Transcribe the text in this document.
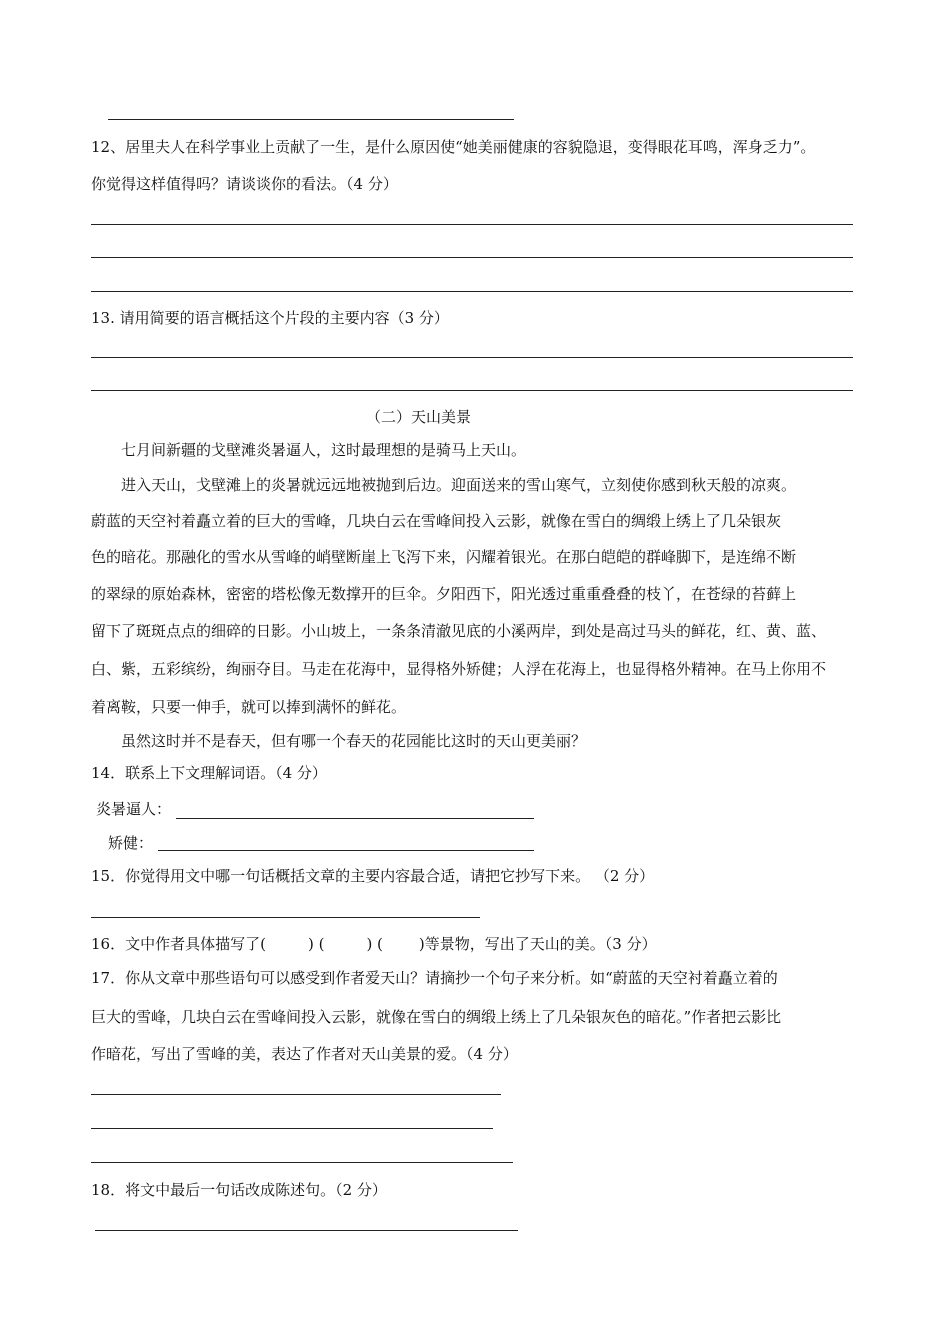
12、居里夫人在科学事业上贡献了一生，是什么原因使“她美丽健康的容貌隐退，变得眼花耳鸣，浑身乏力”。
你觉得这样值得吗？请谈谈你的看法。（4 分）
13. 请用简要的语言概括这个片段的主要内容（3 分）
（二）天山美景
七月间新疆的戈壁滩炎暑逼人，这时最理想的是骑马上天山。
进入天山，戈壁滩上的炎暑就远远地被抛到后边。迎面送来的雪山寒气，立刻使你感到秋天般的凉爽。
蔚蓝的天空衬着矗立着的巨大的雪峰，几块白云在雪峰间投入云影，就像在雪白的绸缎上绣上了几朵银灰
色的暗花。那融化的雪水从雪峰的峭壁断崖上飞泻下来，闪耀着银光。在那白皑皑的群峰脚下，是连绵不断
的翠绿的原始森林，密密的塔松像无数撑开的巨伞。夕阳西下，阳光透过重重叠叠的枝丫，在苍绿的苔藓上
留下了斑斑点点的细碎的日影。小山坡上，一条条清澈见底的小溪两岸，到处是高过马头的鲜花，红、黄、蓝、
白、紫，五彩缤纷，绚丽夺目。马走在花海中，显得格外矫健；人浮在花海上，也显得格外精神。在马上你用不
着离鞍，只要一伸手，就可以捧到满怀的鲜花。
虽然这时并不是春天，但有哪一个春天的花园能比这时的天山更美丽？
14．联系上下文理解词语。（4 分）
炎暑逼人：
矫健：
15．你觉得用文中哪一句话概括文章的主要内容最合适，请把它抄写下来。 （2 分）
16．文中作者具体描写了(	) (	) ( )等景物，写出了天山的美。（3 分）
17．你从文章中那些语句可以感受到作者爱天山？请摘抄一个句子来分析。如“蔚蓝的天空衬着矗立着的
巨大的雪峰，几块白云在雪峰间投入云影，就像在雪白的绸缎上绣上了几朵银灰色的暗花。”作者把云影比
作暗花，写出了雪峰的美，表达了作者对天山美景的爱。（4 分）
18．将文中最后一句话改成陈述句。（2 分）
